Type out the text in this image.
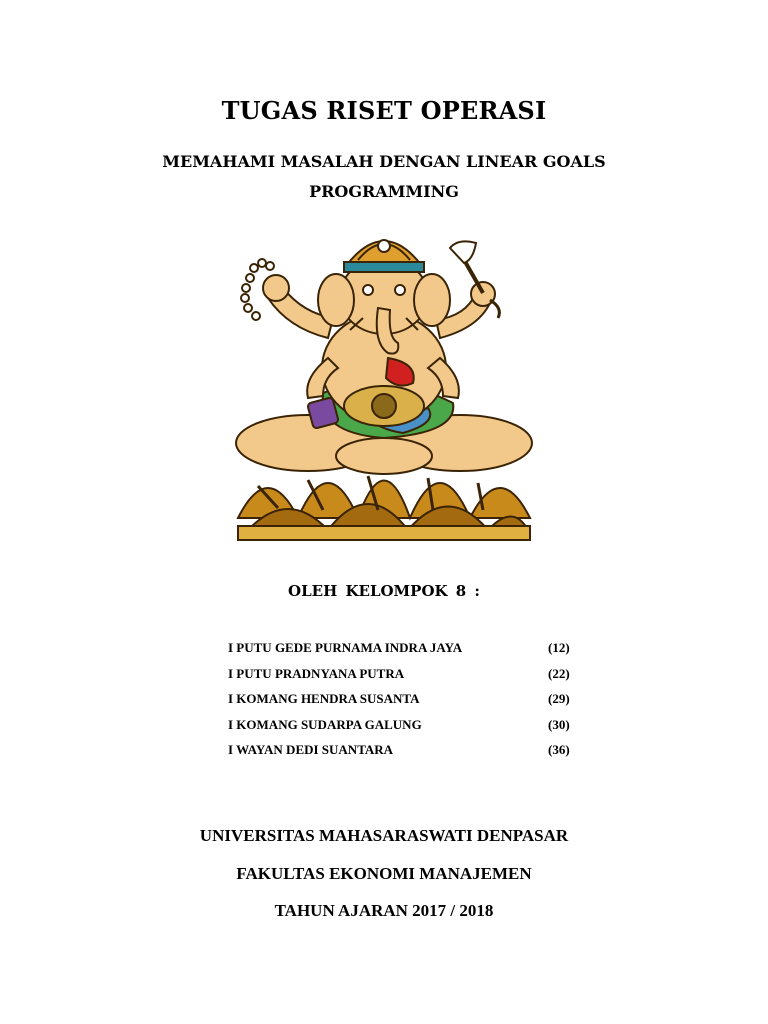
TUGAS RISET OPERASI
MEMAHAMI MASALAH DENGAN LINEAR GOALS
PROGRAMMING
OLEH KELOMPOK 8 :
I PUTU GEDE PURNAMA INDRA JAYA	(12)
I PUTU PRADNYANA PUTRA	(22)
I KOMANG HENDRA SUSANTA	(29)
I KOMANG SUDARPA GALUNG	(30)
I WAYAN DEDI SUANTARA	(36)
UNIVERSITAS MAHASARASWATI DENPASAR
FAKULTAS EKONOMI MANAJEMEN
TAHUN AJARAN 2017 / 2018
